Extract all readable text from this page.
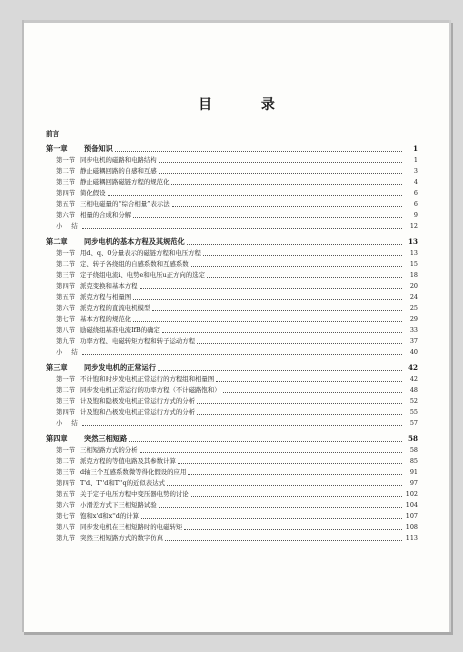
目 录
前言
第一章	预备知识	1
第一节 同步电机的磁路和电路结构	1
第二节 静止磁耦回路的自感和互感	3
第三节 静止磁耦回路磁链方程的规范化	4
第四节 简化假设	6
第五节 三相电磁量的“综合相量”表示法	6
第六节 相量的合成和分解	9
小结	12
第二章	同步电机的基本方程及其规范化	13
第一节 用d、q、0分量表示的磁链方程和电压方程	13
第二节 定、转子各绕组的自感系数和互感系数	15
第三节 定子绕组电流i、电势e和电压u正方向的选定	18
第四节 派克变换和基本方程	20
第五节 派克方程与相量图	24
第六节 派克方程的直流电机模型	25
第七节 基本方程的规范化	29
第八节 励磁绕组基准电流IfB的确定	33
第九节 功率方程、电磁转矩方程和转子运动方程	37
小结	40
第三章	同步发电机的正常运行	42
第一节 不计饱和时步发电机正常运行的方程组和相量图	42
第二节 同步发电机正常运行的功率方程（不计磁路饱和）	48
第三节 计及饱和隐极发电机正常运行方式的分析	52
第四节 计及饱和凸极发电机正常运行方式的分析	55
小结	57
第四章	突然三相短路	58
第一节 三相短路方式的分析	58
第二节 派克方程的等值电路及其参数计算	85
第三节 d轴三个互感系数微等得化假设的应用	91
第四节 T'd、T''d和T''q的近似表达式	97
第五节 关于定子电压方程中变压器电势的讨论	102
第六节 小滑差方式下三相短路试验	104
第七节 饱和x'd和x''d的计算	107
第八节 同步发电机在三相短路时的电磁转矩	108
第九节 突然三相短路方式的数字仿真	113
